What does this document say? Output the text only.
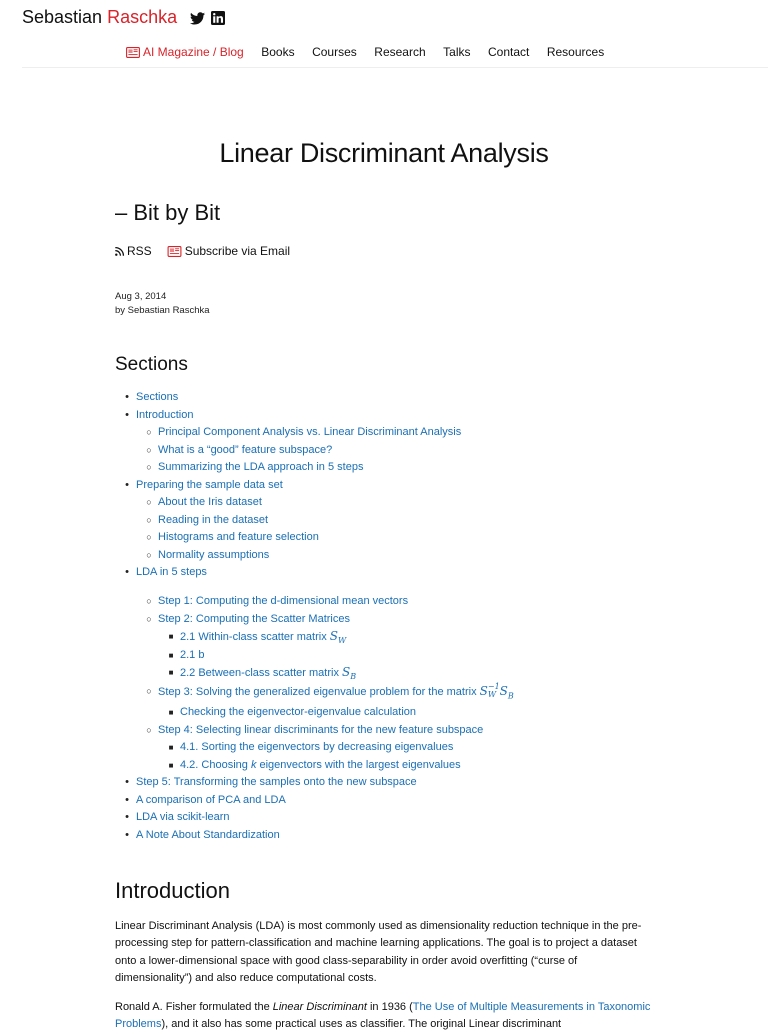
Sebastian Raschka
AI Magazine / Blog Books Courses Research Talks Contact Resources
Linear Discriminant Analysis
– Bit by Bit
RSS	Subscribe via Email
Aug 3, 2014
by Sebastian Raschka
Sections
• Sections
• Introduction
○ Principal Component Analysis vs. Linear Discriminant Analysis
○ What is a “good” feature subspace?
○ Summarizing the LDA approach in 5 steps
• Preparing the sample data set
○ About the Iris dataset
○ Reading in the dataset
○ Histograms and feature selection
○ Normality assumptions
• LDA in 5 steps
○ Step 1: Computing the d-dimensional mean vectors
○ Step 2: Computing the Scatter Matrices
■ 2.1 Within-class scatter matrix S
W
■ 2.1 b
■ 2.2 Between-class scatter matrix S
B
○ Step 3: Solving the generalized eigenvalue problem for the matrix S −1
W $S_B$
■ Checking the eigenvector-eigenvalue calculation
○ Step 4: Selecting linear discriminants for the new feature subspace
■ 4.1. Sorting the eigenvectors by decreasing eigenvalues
■ 4.2. Choosing k eigenvectors with the largest eigenvalues
• Step 5: Transforming the samples onto the new subspace
• A comparison of PCA and LDA
• LDA via scikit-learn
• A Note About Standardization
Introduction

Linear Discriminant Analysis (LDA) is most commonly used as dimensionality reduction technique in the pre-processing step for pattern-classification and machine learning applications. The goal is to project a dataset onto a lower-dimensional space with good class-separability in order avoid overfitting (“curse of dimensionality”) and also reduce computational costs.

Ronald A. Fisher formulated the Linear Discriminant in 1936 (The Use of Multiple Measurements in Taxonomic Problems), and it also has some practical uses as classifier. The original Linear discriminant
